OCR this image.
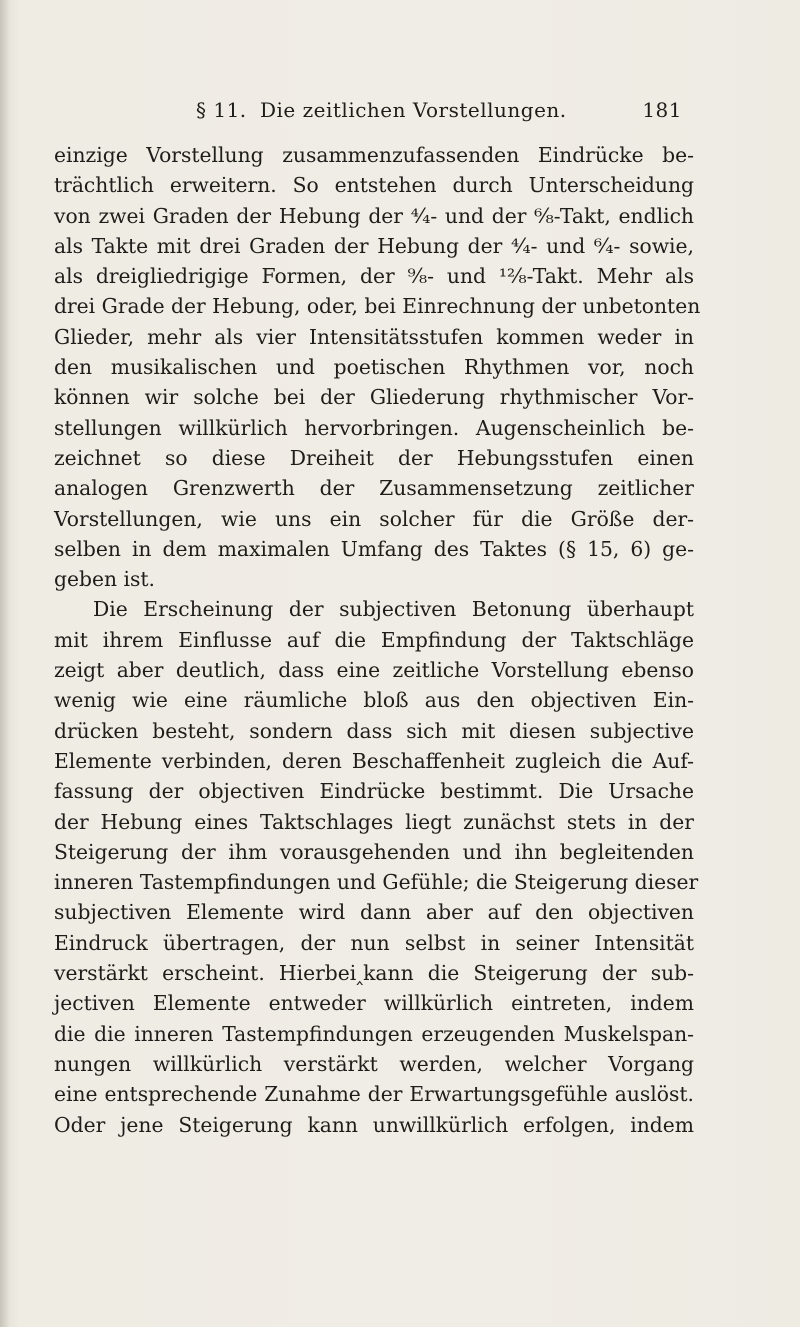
§ 11. Die zeitlichen Vorstellungen.	181
einzige Vorstellung zusammenzufassenden Eindrücke be-
trächtlich erweitern. So entstehen durch Unterscheidung
von zwei Graden der Hebung der ⁴⁄₄- und der ⁶⁄₈-Takt, endlich
als Takte mit drei Graden der Hebung der ⁴⁄₄- und ⁶⁄₄- sowie,
als dreigliedrigige Formen, der ⁹⁄₈- und ¹²⁄₈-Takt. Mehr als
drei Grade der Hebung, oder, bei Einrechnung der unbetonten
Glieder, mehr als vier Intensitätsstufen kommen weder in
den musikalischen und poetischen Rhythmen vor, noch
können wir solche bei der Gliederung rhythmischer Vor-
stellungen willkürlich hervorbringen. Augenscheinlich be-
zeichnet so diese Dreiheit der Hebungsstufen einen
analogen Grenzwerth der Zusammensetzung zeitlicher
Vorstellungen, wie uns ein solcher für die Größe der-
selben in dem maximalen Umfang des Taktes (§ 15, 6) ge-
geben ist.
Die Erscheinung der subjectiven Betonung überhaupt
mit ihrem Einflusse auf die Empfindung der Taktschläge
zeigt aber deutlich, dass eine zeitliche Vorstellung ebenso
wenig wie eine räumliche bloß aus den objectiven Ein-
drücken besteht, sondern dass sich mit diesen subjective
Elemente verbinden, deren Beschaffenheit zugleich die Auf-
fassung der objectiven Eindrücke bestimmt. Die Ursache
der Hebung eines Taktschlages liegt zunächst stets in der
Steigerung der ihm vorausgehenden und ihn begleitenden
inneren Tastempfindungen und Gefühle; die Steigerung dieser
subjectiven Elemente wird dann aber auf den objectiven
Eindruck übertragen, der nun selbst in seiner Intensität
verstärkt erscheint. Hierbei‸kann die Steigerung der sub-
jectiven Elemente entweder willkürlich eintreten, indem
die die inneren Tastempfindungen erzeugenden Muskelspan-
nungen willkürlich verstärkt werden, welcher Vorgang
eine entsprechende Zunahme der Erwartungsgefühle auslöst.
Oder jene Steigerung kann unwillkürlich erfolgen, indem
